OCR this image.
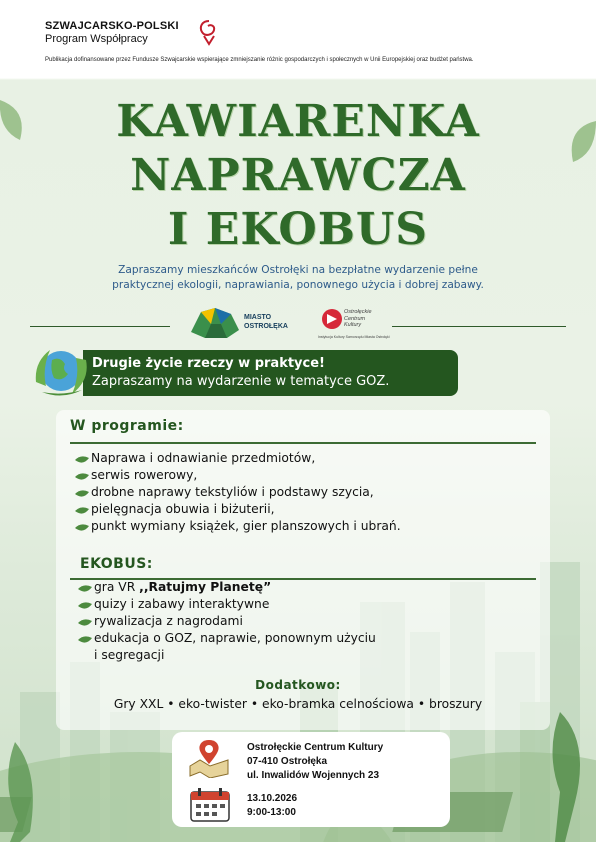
SZWAJCARSKO-POLSKI
Program Współpracy
Publikacja dofinansowane przez Fundusze Szwajcarskie wspierające zmniejszanie różnic gospodarczych i społecznych w Unii Europejskiej oraz budżet państwa.
KAWIARENKA
NAPRAWCZA
I EKOBUS
Zapraszamy mieszkańców Ostrołęki na bezpłatne wydarzenie pełne
praktycznej ekologii, naprawiania, ponownego użycia i dobrej zabawy.
MIASTO
OSTROŁĘKA
Ostrołęckie
Centrum
Kultury
Instytucja Kultury Samorządu Miasta Ostrołęki
Drugie życie rzeczy w praktyce!
Zapraszamy na wydarzenie w tematyce GOZ.
W programie:
Naprawa i odnawianie przedmiotów,
serwis rowerowy,
drobne naprawy tekstyliów i podstawy szycia,
pielęgnacja obuwia i biżuterii,
punkt wymiany książek, gier planszowych i ubrań.
EKOBUS:
gra VR ,,Ratujmy Planetę”
quizy i zabawy interaktywne
rywalizacja z nagrodami
edukacja o GOZ, naprawie, ponownym użyciu
i segregacji
Dodatkowo:
Gry XXL • eko-twister • eko-bramka celnościowa • broszury
Ostrołęckie Centrum Kultury
07-410 Ostrołęka
ul. Inwalidów Wojennych 23
13.10.2026
9:00-13:00
